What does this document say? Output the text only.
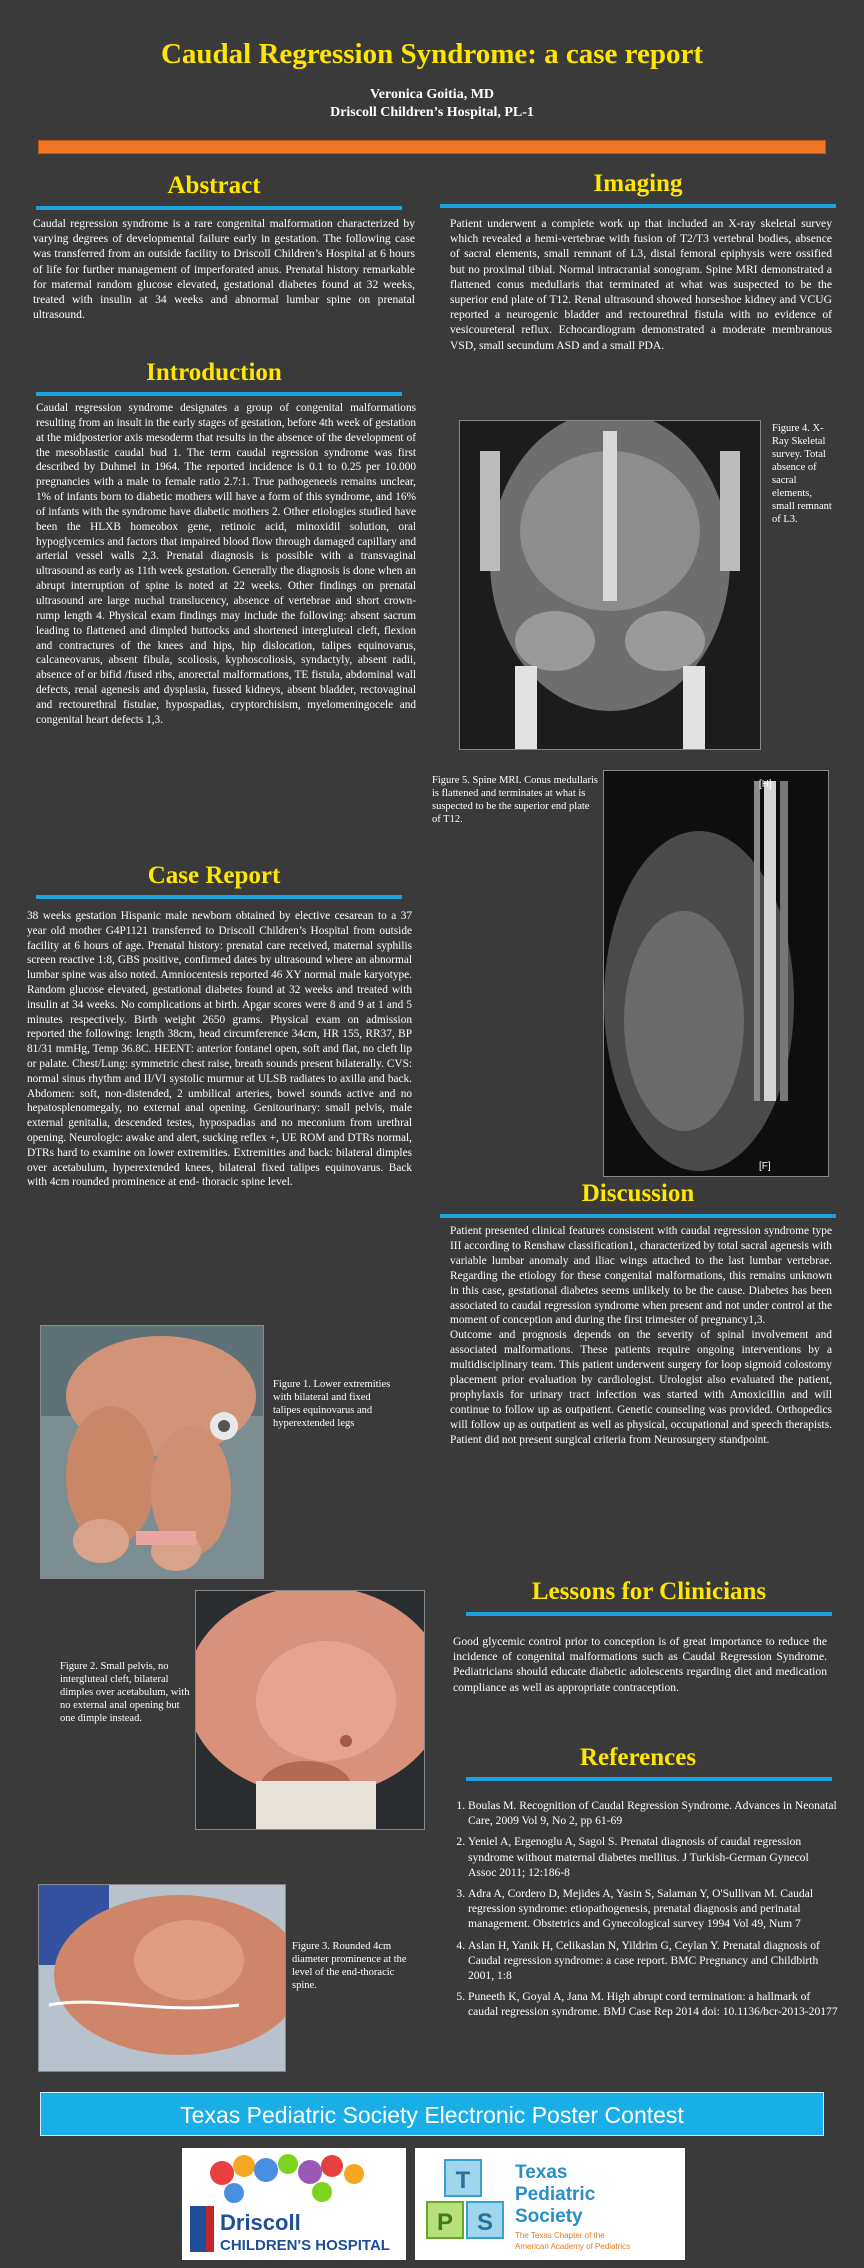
Caudal Regression Syndrome: a case report
Veronica Goitia, MD
Driscoll Children’s Hospital, PL-1
Abstract
Caudal regression syndrome is a rare congenital malformation characterized by varying degrees of developmental failure early in gestation. The following case was transferred from an outside facility to Driscoll Children’s Hospital at 6 hours of life for further management of imperforated anus. Prenatal history remarkable for maternal random glucose elevated, gestational diabetes found at 32 weeks, treated with insulin at 34 weeks and abnormal lumbar spine on prenatal ultrasound.
Introduction
Caudal regression syndrome designates a group of congenital malformations resulting from an insult in the early stages of gestation, before 4th week of gestation at the midposterior axis mesoderm that results in the absence of the development of the mesoblastic caudal bud 1. The term caudal regression syndrome was first described by Duhmel in 1964. The reported incidence is 0.1 to 0.25 per 10.000 pregnancies with a male to female ratio 2.7:1. True pathogeneeis remains unclear, 1% of infants born to diabetic mothers will have a form of this syndrome, and 16% of infants with the syndrome have diabetic mothers 2. Other etiologies studied have been the HLXB homeobox gene, retinoic acid, minoxidil solution, oral hypoglycemics and factors that impaired blood flow through damaged capillary and arterial vessel walls 2,3. Prenatal diagnosis is possible with a transvaginal ultrasound as early as 11th week gestation. Generally the diagnosis is done when an abrupt interruption of spine is noted at 22 weeks. Other findings on prenatal ultrasound are large nuchal translucency, absence of vertebrae and short crown-rump length 4. Physical exam findings may include the following: absent sacrum leading to flattened and dimpled buttocks and shortened intergluteal cleft, flexion and contractures of the knees and hips, hip dislocation, talipes equinovarus, calcaneovarus, absent fibula, scoliosis, kyphoscoliosis, syndactyly, absent radii, absence of or bifid /fused ribs, anorectal malformations, TE fistula, abdominal wall defects, renal agenesis and dysplasia, fussed kidneys, absent bladder, rectovaginal and rectourethral fistulae, hypospadias, cryptorchisism, myelomeningocele and congenital heart defects 1,3.
Case Report
38 weeks gestation Hispanic male newborn obtained by elective cesarean to a 37 year old mother G4P1121 transferred to Driscoll Children’s Hospital from outside facility at 6 hours of age. Prenatal history: prenatal care received, maternal syphilis screen reactive 1:8, GBS positive, confirmed dates by ultrasound where an abnormal lumbar spine was also noted. Amniocentesis reported 46 XY normal male karyotype. Random glucose elevated, gestational diabetes found at 32 weeks and treated with insulin at 34 weeks. No complications at birth. Apgar scores were 8 and 9 at 1 and 5 minutes respectively. Birth weight 2650 grams. Physical exam on admission reported the following: length 38cm, head circumference 34cm, HR 155, RR37, BP 81/31 mmHg, Temp 36.8C. HEENT: anterior fontanel open, soft and flat, no cleft lip or palate. Chest/Lung: symmetric chest raise, breath sounds present bilaterally. CVS: normal sinus rhythm and II/VI systolic murmur at ULSB radiates to axilla and back. Abdomen: soft, non-distended, 2 umbilical arteries, bowel sounds active and no hepatosplenomegaly, no external anal opening. Genitourinary: small pelvis, male external genitalia, descended testes, hypospadias and no meconium from urethral opening. Neurologic: awake and alert, sucking reflex +, UE ROM and DTRs normal, DTRs hard to examine on lower extremities. Extremities and back: bilateral dimples over acetabulum, hyperextended knees, bilateral fixed talipes equinovarus. Back with 4cm rounded prominence at end- thoracic spine level.
Figure 1. Lower extremities with bilateral and fixed talipes equinovarus and hyperextended legs
Figure 2. Small pelvis, no intergluteal cleft, bilateral dimples over acetabulum, with no external anal opening but one dimple instead.
Figure 3. Rounded 4cm diameter prominence at the level of the end-thoracic spine.
Imaging
Patient underwent a complete work up that included an X-ray skeletal survey which revealed a hemi-vertebrae with fusion of T2/T3 vertebral bodies, absence of sacral elements, small remnant of L3, distal femoral epiphysis were ossified but no proximal tibial. Normal intracranial sonogram. Spine MRI demonstrated a flattened conus medullaris that terminated at what was suspected to be the superior end plate of T12. Renal ultrasound showed horseshoe kidney and VCUG reported a neurogenic bladder and rectourethral fistula with no evidence of vesicoureteral reflux. Echocardiogram demonstrated a moderate membranous VSD, small secundum ASD and a small PDA.
Figure 4. X-Ray Skeletal survey. Total absence of sacral elements, small remnant of L3.
Figure 5. Spine MRI. Conus medullaris is flattened and terminates at what is suspected to be the superior end plate of T12.
[H]
[F]
Discussion
Patient presented clinical features consistent with caudal regression syndrome type III according to Renshaw classification1, characterized by total sacral agenesis with variable lumbar anomaly and iliac wings attached to the last lumbar vertebrae. Regarding the etiology for these congenital malformations, this remains unknown in this case, gestational diabetes seems unlikely to be the cause. Diabetes has been associated to caudal regression syndrome when present and not under control at the moment of conception and during the first trimester of pregnancy1,3.
Outcome and prognosis depends on the severity of spinal involvement and associated malformations. These patients require ongoing interventions by a multidisciplinary team. This patient underwent surgery for loop sigmoid colostomy placement prior evaluation by cardiologist. Urologist also evaluated the patient, prophylaxis for urinary tract infection was started with Amoxicillin and will continue to follow up as outpatient. Genetic counseling was provided. Orthopedics will follow up as outpatient as well as physical, occupational and speech therapists. Patient did not present surgical criteria from Neurosurgery standpoint.
Lessons for Clinicians
Good glycemic control prior to conception is of great importance to reduce the incidence of congenital malformations such as Caudal Regression Syndrome. Pediatricians should educate diabetic adolescents regarding diet and medication compliance as well as appropriate contraception.
References
1. Boulas M. Recognition of Caudal Regression Syndrome. Advances in Neonatal Care, 2009 Vol 9, No 2, pp 61-69
2. Yeniel A, Ergenoglu A, Sagol S. Prenatal diagnosis of caudal regression syndrome without maternal diabetes mellitus. J Turkish-German Gynecol Assoc 2011; 12:186-8
3. Adra A, Cordero D, Mejides A, Yasin S, Salaman Y, O'Sullivan M. Caudal regression syndrome: etiopathogenesis, prenatal diagnosis and perinatal management. Obstetrics and Gynecological survey 1994 Vol 49, Num 7
4. Aslan H, Yanik H, Celikaslan N, Yildrim G, Ceylan Y. Prenatal diagnosis of Caudal regression syndrome: a case report. BMC Pregnancy and Childbirth 2001, 1:8
5. Puneeth K, Goyal A, Jana M. High abrupt cord termination: a hallmark of caudal regression syndrome. BMJ Case Rep 2014 doi: 10.1136/bcr-2013-20177
Texas Pediatric Society Electronic Poster Contest
Driscoll
CHILDREN'S HOSPITAL
T
P S
Texas
Pediatric
Society
The Texas Chapter of the
American Academy of Pediatrics
